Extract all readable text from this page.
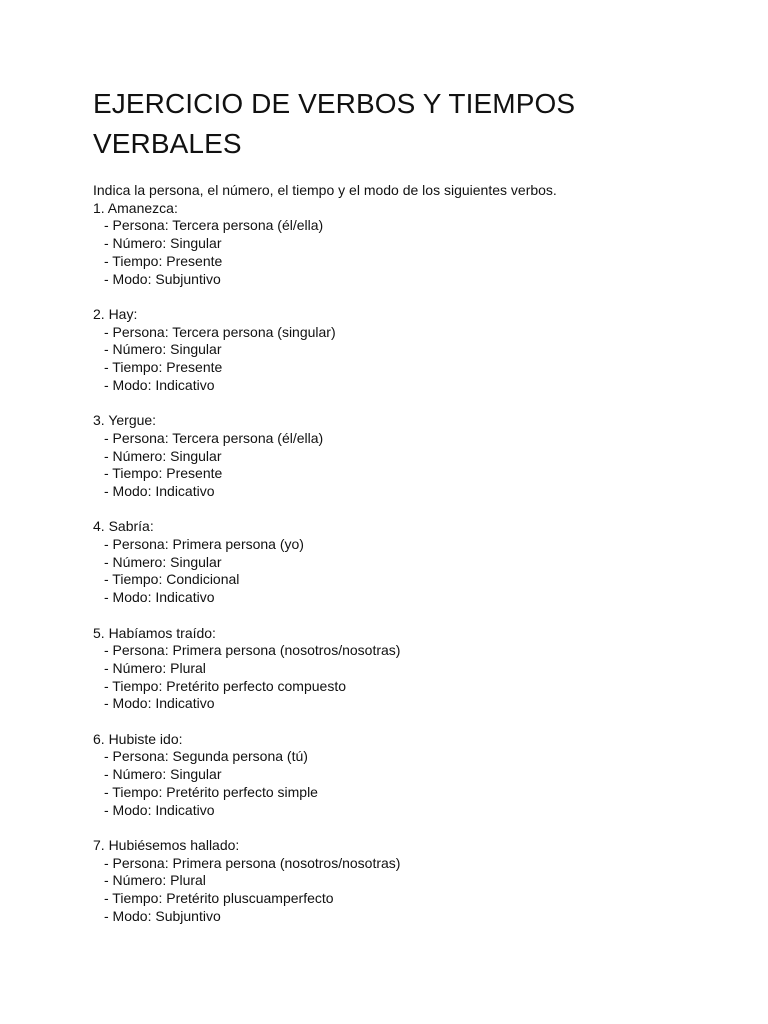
EJERCICIO DE VERBOS Y TIEMPOS VERBALES
Indica la persona, el número, el tiempo y el modo de los siguientes verbos.
1. Amanezca:
- Persona: Tercera persona (él/ella)
- Número: Singular
- Tiempo: Presente
- Modo: Subjuntivo
2. Hay:
- Persona: Tercera persona (singular)
- Número: Singular
- Tiempo: Presente
- Modo: Indicativo
3. Yergue:
- Persona: Tercera persona (él/ella)
- Número: Singular
- Tiempo: Presente
- Modo: Indicativo
4. Sabría:
- Persona: Primera persona (yo)
- Número: Singular
- Tiempo: Condicional
- Modo: Indicativo
5. Habíamos traído:
- Persona: Primera persona (nosotros/nosotras)
- Número: Plural
- Tiempo: Pretérito perfecto compuesto
- Modo: Indicativo
6. Hubiste ido:
- Persona: Segunda persona (tú)
- Número: Singular
- Tiempo: Pretérito perfecto simple
- Modo: Indicativo
7. Hubiésemos hallado:
- Persona: Primera persona (nosotros/nosotras)
- Número: Plural
- Tiempo: Pretérito pluscuamperfecto
- Modo: Subjuntivo
